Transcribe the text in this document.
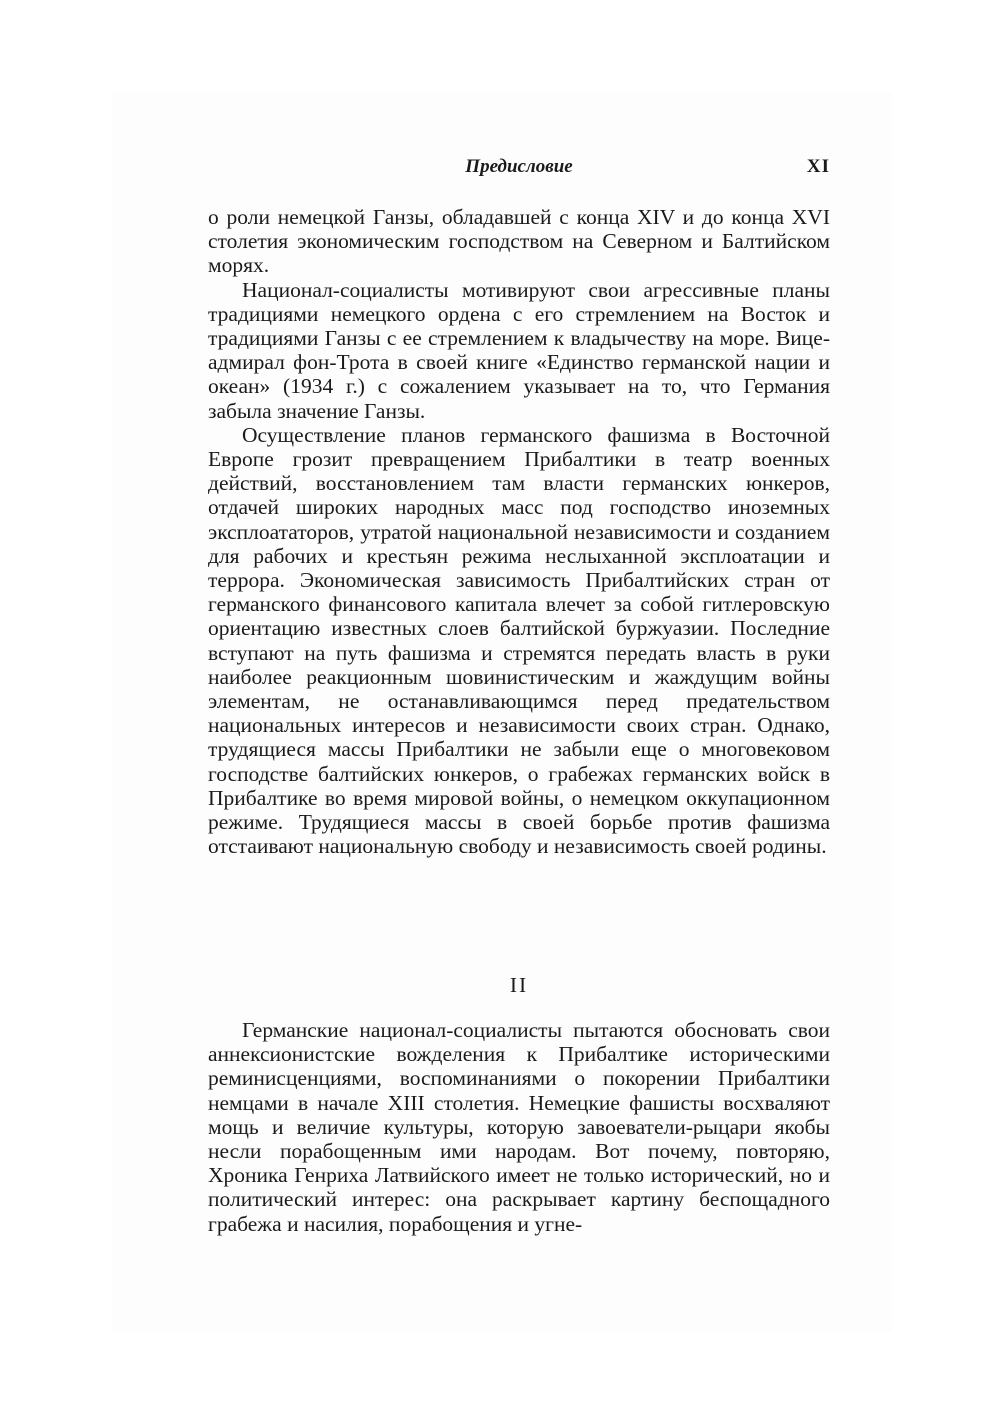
Предисловие	XI

о роли немецкой Ганзы, обладавшей с конца XIV и до конца XVI столетия экономическим господством на Северном и Балтийском морях.

Национал-социалисты мотивируют свои агрессивные планы традициями немецкого ордена с его стремлением на Восток и традициями Ганзы с ее стремлением к владычеству на море. Вице-адмирал фон-Трота в своей книге «Единство германской нации и океан» (1934 г.) с сожалением указывает на то, что Германия забыла значение Ганзы.

Осуществление планов германского фашизма в Восточной Европе грозит превращением Прибалтики в театр военных действий, восстановлением там власти германских юнкеров, отдачей широких народных масс под господство иноземных эксплоататоров, утратой национальной независимости и созданием для рабочих и крестьян режима неслыханной эксплоатации и террора. Экономическая зависимость Прибалтийских стран от германского финансового капитала влечет за собой гитлеровскую ориентацию известных слоев балтийской буржуазии. Последние вступают на путь фашизма и стремятся передать власть в руки наиболее реакционным шовинистическим и жаждущим войны элементам, не останавливающимся перед предательством национальных интересов и независимости своих стран. Однако, трудящиеся массы Прибалтики не забыли еще о многовековом господстве балтийских юнкеров, о грабежах германских войск в Прибалтике во время мировой войны, о немецком оккупационном режиме. Трудящиеся массы в своей борьбе против фашизма отстаивают национальную свободу и независимость своей родины.

II

Германские национал-социалисты пытаются обосновать свои аннексионистские вожделения к Прибалтике историческими реминисценциями, воспоминаниями о покорении Прибалтики немцами в начале XIII столетия. Немецкие фашисты восхваляют мощь и величие культуры, которую завоеватели-рыцари якобы несли порабощенным ими народам. Вот почему, повторяю, Хроника Генриха Латвийского имеет не только исторический, но и политический интерес: она раскрывает картину беспощадного грабежа и насилия, порабощения и угне-
